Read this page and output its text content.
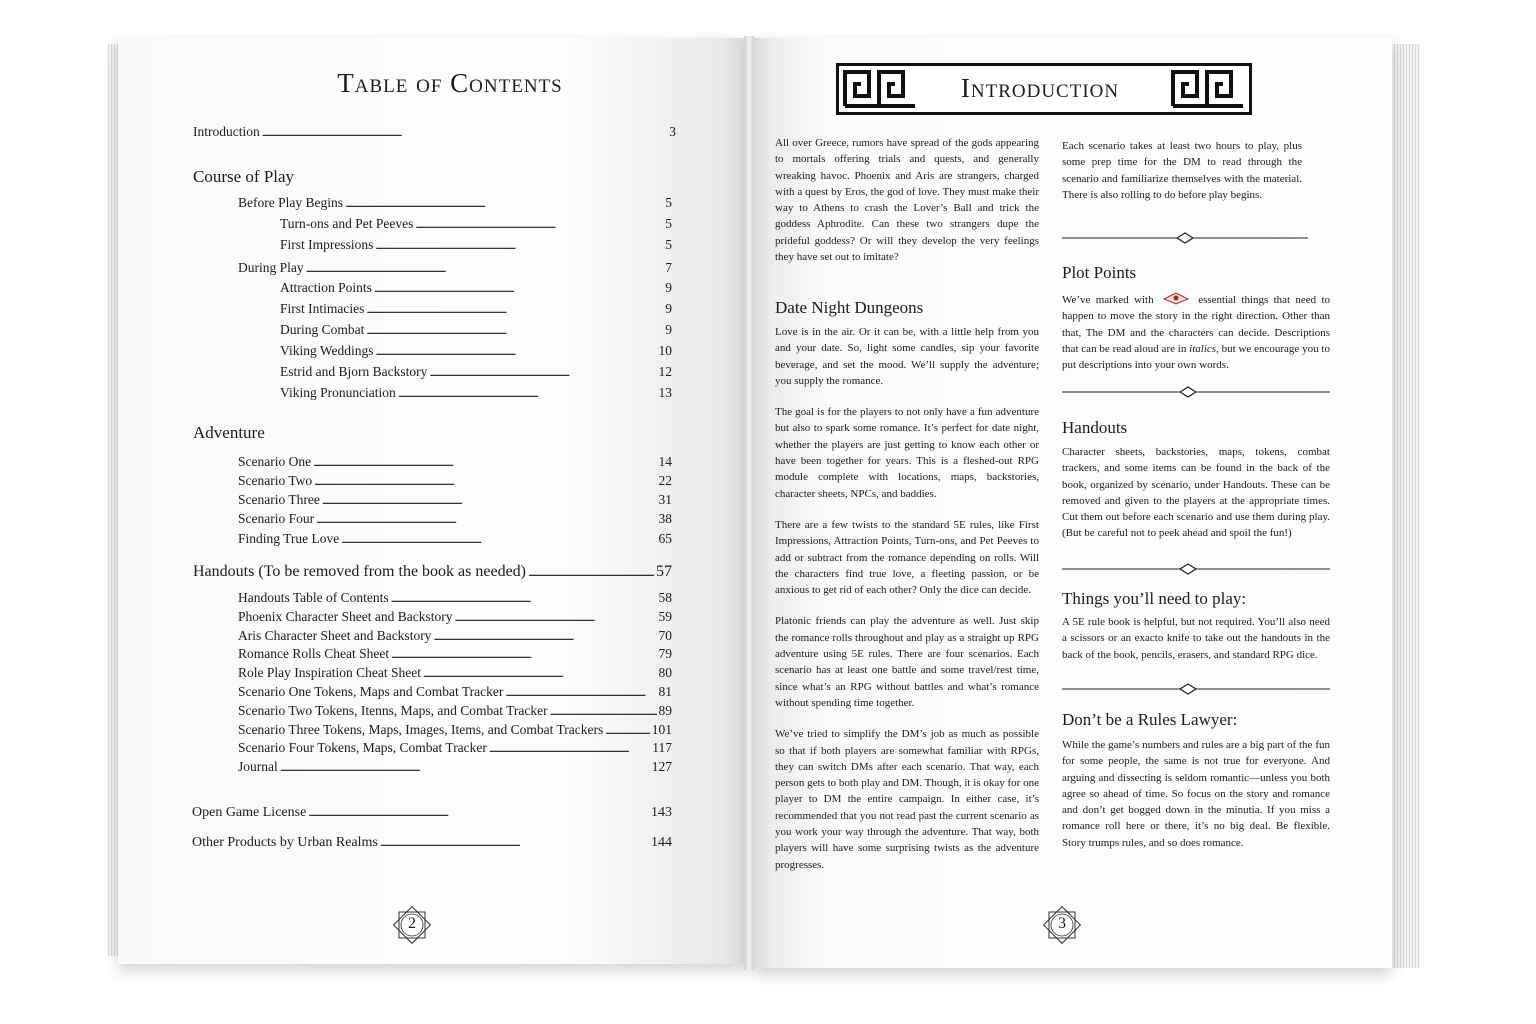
Table of Contents
Introduction . . .	3
Course of Play
Before Play Begins . . .	5
Turn-ons and Pet Peeves . . .	5
First Impressions . . .	5
During Play . . .	7
Attraction Points . . .	9
First Intimacies . . .	9
During Combat . . .	9
Viking Weddings . . .	10
Estrid and Bjorn Backstory . . .	12
Viking Pronunciation . . .	13
Adventure
Scenario One . . .	14
Scenario Two . . .	22
Scenario Three . . .	31
Scenario Four . . .	38
Finding True Love . . .	65
Handouts (To be removed from the book as needed) . . .	57
Handouts Table of Contents . . .	58
Phoenix Character Sheet and Backstory . . .	59
Aris Character Sheet and Backstory . . .	70
Romance Rolls Cheat Sheet . . .	79
Role Play Inspiration Cheat Sheet . . .	80
Scenario One Tokens, Maps and Combat Tracker . . .	81
Scenario Two Tokens, Itenns, Maps, and Combat Tracker . . .	89
Scenario Three Tokens, Maps, Images, Items, and Combat Trackers . . .	101
Scenario Four Tokens, Maps, Combat Tracker . . .	117
Journal . . .	127
Open Game License . . .	143
Other Products by Urban Realms . . .	144
2
Introduction

All over Greece, rumors have spread of the gods appearing to mortals offering trials and quests, and generally wreaking havoc. Phoenix and Aris are strangers, charged with a quest by Eros, the god of love. They must make their way to Athens to crash the Lover’s Ball and trick the goddess Aphrodite. Can these two strangers dupe the prideful goddess? Or will they develop the very feelings they have set out to imitate?

Date Night Dungeons

Love is in the air. Or it can be, with a little help from you and your date. So, light some candles, sip your favorite beverage, and set the mood. We’ll supply the adventure; you supply the romance.

The goal is for the players to not only have a fun adventure but also to spark some romance. It’s perfect for date night, whether the players are just getting to know each other or have been together for years. This is a fleshed-out RPG module complete with locations, maps, backstories, character sheets, NPCs, and baddies.

There are a few twists to the standard 5E rules, like First Impressions, Attraction Points, Turn-ons, and Pet Peeves to add or subtract from the romance depending on rolls. Will the characters find true love, a fleeting passion, or be anxious to get rid of each other? Only the dice can decide.

Platonic friends can play the adventure as well. Just skip the romance rolls throughout and play as a straight up RPG adventure using 5E rules. There are four scenarios. Each scenario has at least one battle and some travel/rest time, since what’s an RPG without battles and what’s romance without spending time together.

We’ve tried to simplify the DM’s job as much as possible so that if both players are somewhat familiar with RPGs, they can switch DMs after each scenario. That way, each person gets to both play and DM. Though, it is okay for one player to DM the entire campaign. In either case, it’s recommended that you not read past the current scenario as you work your way through the adventure. That way, both players will have some surprising twists as the adventure progresses.

Each scenario takes at least two hours to play, plus some prep time for the DM to read through the scenario and familiarize themselves with the material. There is also rolling to do before play begins.
Plot Points
We’ve marked with	essential things that need to happen to move the story in the right direction. Other than that, The DM and the characters can decide. Descriptions that can be read aloud are in italics, but we encourage you to put descriptions into your own words.
Handouts
Character sheets, backstories, maps, tokens, combat trackers, and some items can be found in the back of the book, organized by scenario, under Handouts. These can be removed and given to the players at the appropriate times. Cut them out before each scenario and use them during play. (But be careful not to peek ahead and spoil the fun!)
Things you’ll need to play:
A 5E rule book is helpful, but not required. You’ll also need a scissors or an exacto knife to take out the handouts in the back of the book, pencils, erasers, and standard RPG dice.
Don’t be a Rules Lawyer:
While the game’s numbers and rules are a big part of the fun for some people, the same is not true for everyone. And arguing and dissecting is seldom romantic—unless you both agree so ahead of time. So focus on the story and romance and don’t get bogged down in the minutia. If you miss a romance roll here or there, it’s no big deal. Be flexible. Story trumps rules, and so does romance.
3
